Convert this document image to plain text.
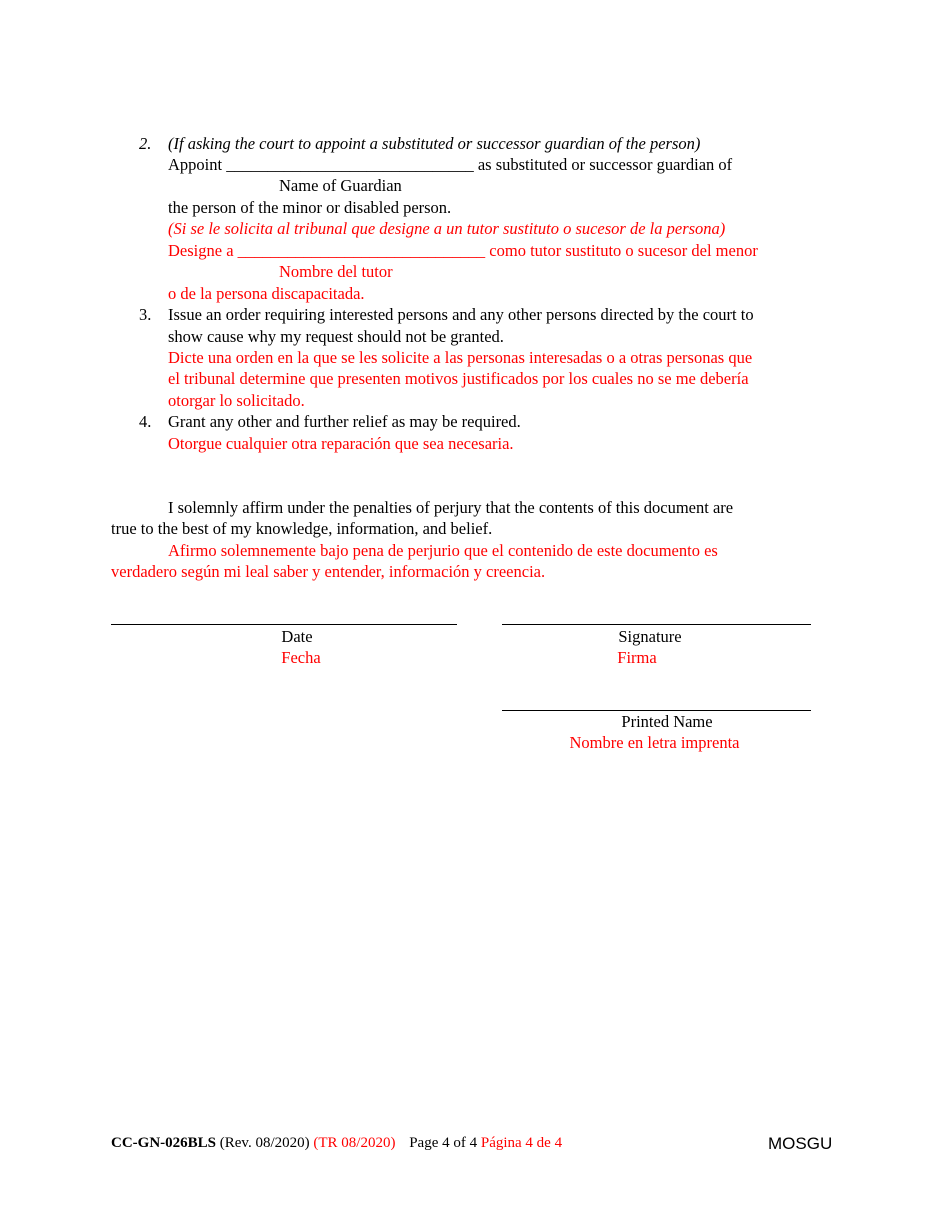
2. (If asking the court to appoint a substituted or successor guardian of the person)
Appoint ______________________________ as substituted or successor guardian of
Name of Guardian
the person of the minor or disabled person.
(Si se le solicita al tribunal que designe a un tutor sustituto o sucesor de la persona)
Designe a ______________________________ como tutor sustituto o sucesor del menor
Nombre del tutor
o de la persona discapacitada.
3. Issue an order requiring interested persons and any other persons directed by the court to
show cause why my request should not be granted.
Dicte una orden en la que se les solicite a las personas interesadas o a otras personas que
el tribunal determine que presenten motivos justificados por los cuales no se me debería
otorgar lo solicitado.
4. Grant any other and further relief as may be required.
Otorgue cualquier otra reparación que sea necesaria.
I solemnly affirm under the penalties of perjury that the contents of this document are
true to the best of my knowledge, information, and belief.
Afirmo solemnemente bajo pena de perjurio que el contenido de este documento es
verdadero según mi leal saber y entender, información y creencia.
Date
Fecha
Signature
Firma
Printed Name
Nombre en letra imprenta
CC-GN-026BLS (Rev. 08/2020) (TR 08/2020) Page 4 of 4 Página 4 de 4	MOSGU
